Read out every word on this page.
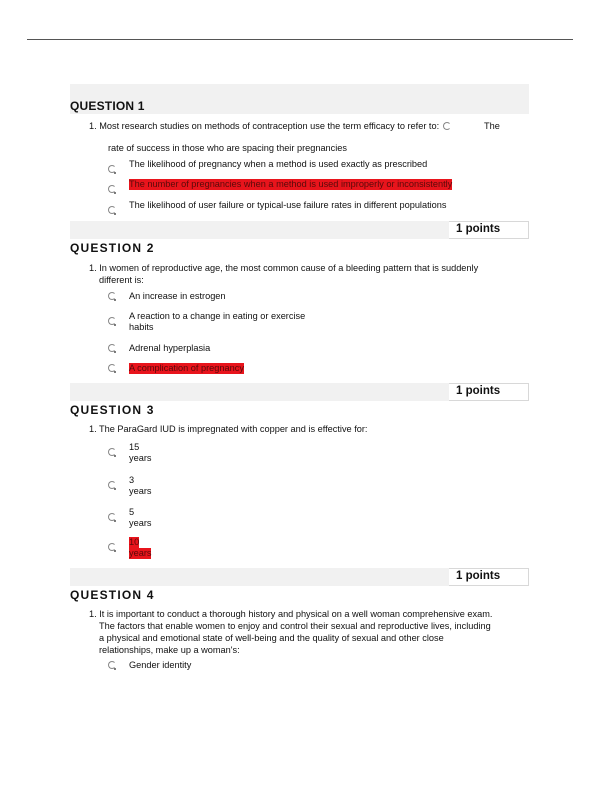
QUESTION 1
1. Most research studies on methods of contraception use the term efficacy to refer to:	The
rate of success in those who are spacing their pregnancies
The likelihood of pregnancy when a method is used exactly as prescribed
The number of pregnancies when a method is used improperly or inconsistently
The likelihood of user failure or typical-use failure rates in different populations
1 points
QUESTION 2
1. In women of reproductive age, the most common cause of a bleeding pattern that is suddenly
different is:
An increase in estrogen
A reaction to a change in eating or exercise habits
Adrenal hyperplasia
A complication of pregnancy
1 points
QUESTION 3
1. The ParaGard IUD is impregnated with copper and is effective for:
15
years
3
years
5
years
10
years
1 points
QUESTION 4
1. It is important to conduct a thorough history and physical on a well woman comprehensive exam.
The factors that enable women to enjoy and control their sexual and reproductive lives, including
a physical and emotional state of well-being and the quality of sexual and other close
relationships, make up a woman's:
Gender identity
